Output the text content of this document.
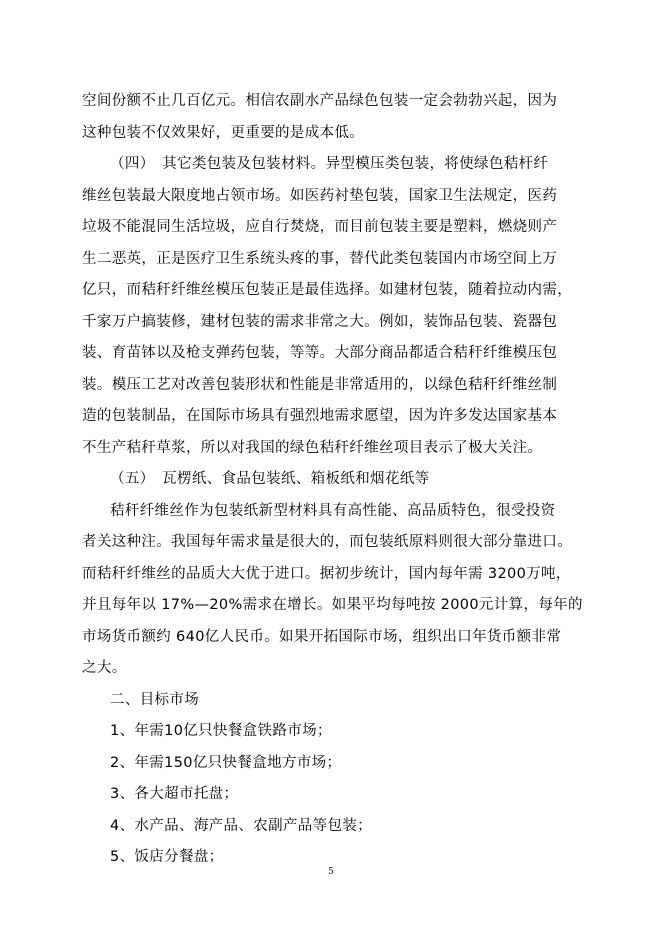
空间份额不止几百亿元。相信农副水产品绿色包装一定会勃勃兴起，因为
这种包装不仅效果好，更重要的是成本低。
（四）　其它类包装及包装材料。异型模压类包装，将使绿色秸杆纤
维丝包装最大限度地占领市场。如医药衬垫包装，国家卫生法规定，医药
垃圾不能混同生活垃圾，应自行焚烧，而目前包装主要是塑料，燃烧则产
生二恶英，正是医疗卫生系统头疼的事，替代此类包装国内市场空间上万
亿只，而秸秆纤维丝模压包装正是最佳选择。如建材包装，随着拉动内需，
千家万户搞装修，建材包装的需求非常之大。例如，装饰品包装、瓷器包
装、育苗钵以及枪支弹药包装，等等。大部分商品都适合秸秆纤维模压包
装。模压工艺对改善包装形状和性能是非常适用的，以绿色秸秆纤维丝制
造的包装制品，在国际市场具有强烈地需求愿望，因为许多发达国家基本
不生产秸秆草浆，所以对我国的绿色秸秆纤维丝项目表示了极大关注。
（五）　瓦楞纸、食品包装纸、箱板纸和烟花纸等
秸秆纤维丝作为包装纸新型材料具有高性能、高品质特色，很受投资
者关这种注。我国每年需求量是很大的，而包装纸原料则很大部分靠进口。
而秸秆纤维丝的品质大大优于进口。据初步统计，国内每年需 3200万吨，
并且每年以 17%—20%需求在增长。如果平均每吨按 2000元计算，每年的
市场货币额约 640亿人民币。如果开拓国际市场，组织出口年货币额非常
之大。
二、目标市场
1、年需10亿只快餐盒铁路市场；
2、年需150亿只快餐盒地方市场；
3、各大超市托盘；
4、水产品、海产品、农副产品等包装；
5、饭店分餐盘；
5
